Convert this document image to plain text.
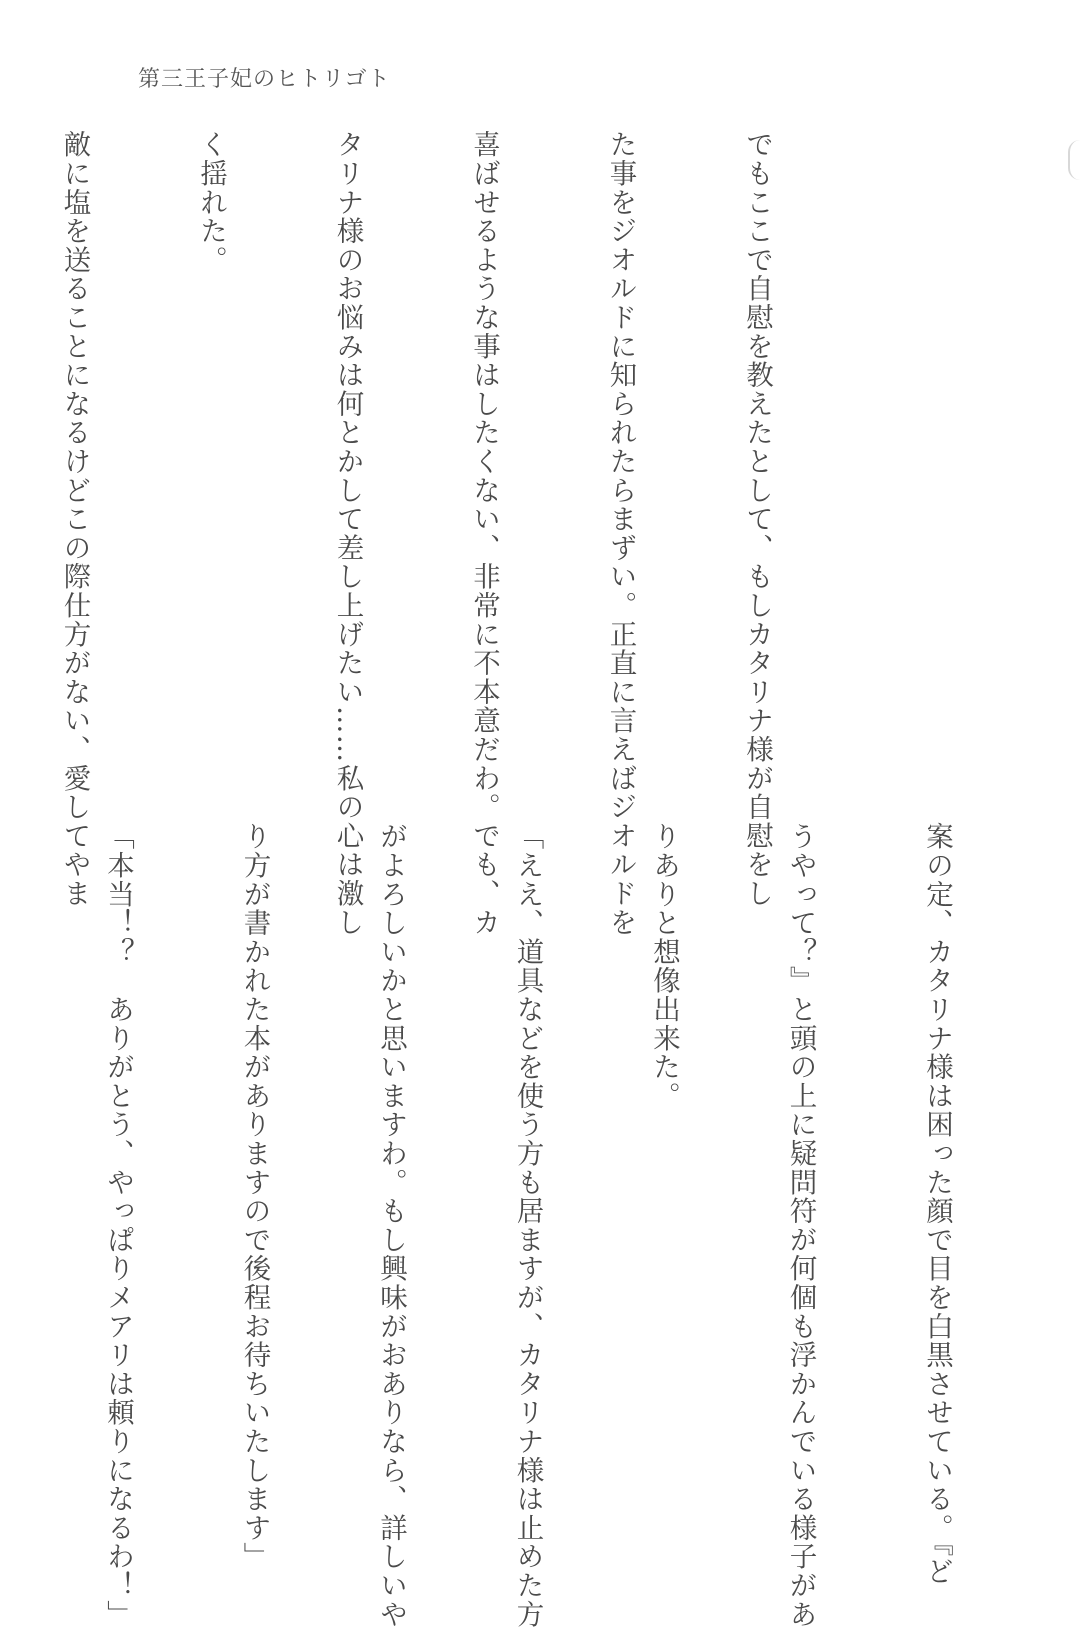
第三王子妃のヒトリゴト

でもここで自慰を教えたとして、もしカタリナ様が自慰をし

た事をジオルドに知られたらまずい。正直に言えばジオルドを

喜ばせるような事はしたくない、非常に不本意だわ。でも、カ

タリナ様のお悩みは何とかして差し上げたい……私の心は激し

く揺れた。

敵に塩を送ることになるけどこの際仕方がない、愛してやま

案の定、カタリナ様は困った顔で目を白黒させている。『ど

うやって？』と頭の上に疑問符が何個も浮かんでいる様子があ

りありと想像出来た。

「ええ、道具などを使う方も居ますが、カタリナ様は止めた方

がよろしいかと思いますわ。もし興味がおありなら、詳しいや

り方が書かれた本がありますので後程お待ちいたします」

「本当！？　ありがとう、やっぱりメアリは頼りになるわ！」
